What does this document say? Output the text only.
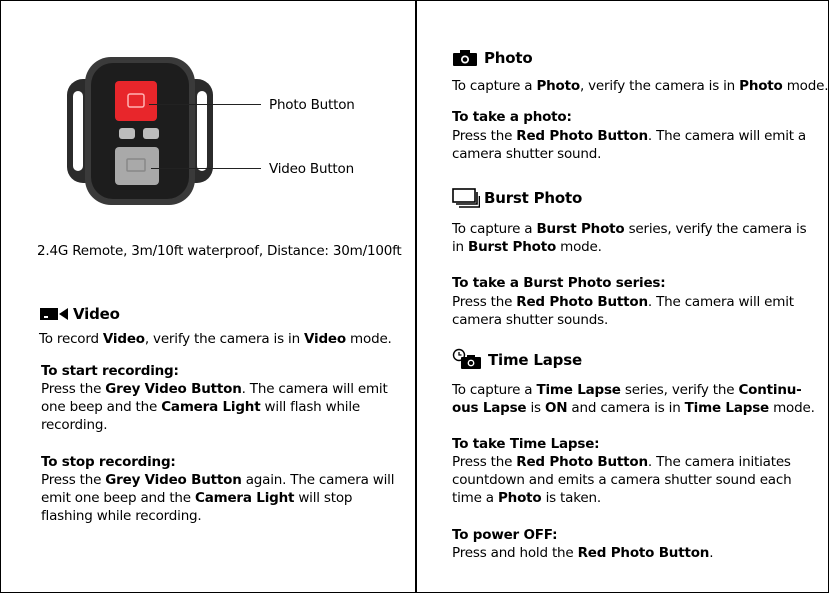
Photo Button
Video Button
2.4G Remote, 3m/10ft waterproof, Distance: 30m/100ft
Video
To record Video, verify the camera is in Video mode.
To start recording:
Press the Grey Video Button. The camera will emit
one beep and the Camera Light will flash while
recording.
To stop recording:
Press the Grey Video Button again. The camera will
emit one beep and the Camera Light will stop
flashing while recording.
Photo
To capture a Photo, verify the camera is in Photo mode.
To take a photo:
Press the Red Photo Button. The camera will emit a
camera shutter sound.
Burst Photo
To capture a Burst Photo series, verify the camera is
in Burst Photo mode.
To take a Burst Photo series:
Press the Red Photo Button. The camera will emit
camera shutter sounds.
Time Lapse
To capture a Time Lapse series, verify the Continu-
ous Lapse is ON and camera is in Time Lapse mode.
To take Time Lapse:
Press the Red Photo Button. The camera initiates
countdown and emits a camera shutter sound each
time a Photo is taken.
To power OFF:
Press and hold the Red Photo Button.
